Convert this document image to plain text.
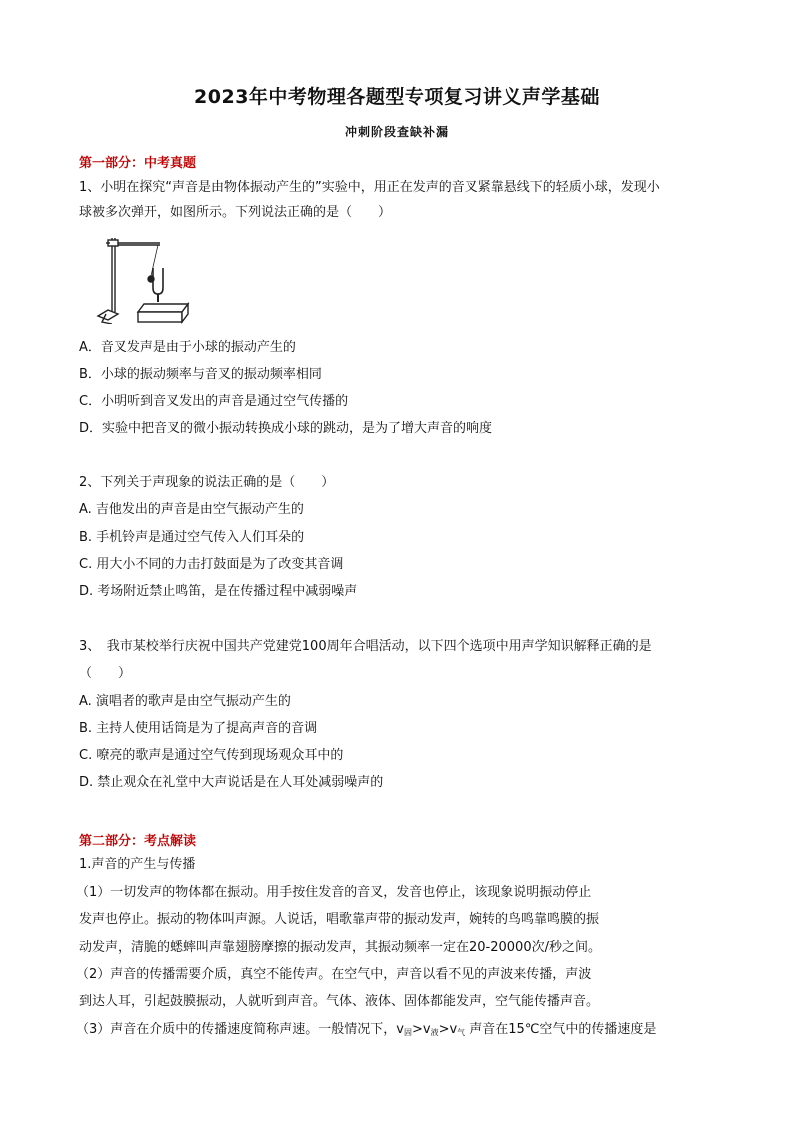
2023年中考物理各题型专项复习讲义声学基础
冲刺阶段查缺补漏
第一部分：中考真题
1、小明在探究“声音是由物体振动产生的”实验中，用正在发声的音叉紧靠悬线下的轻质小球，发现小
球被多次弹开，如图所示。下列说法正确的是（　　）
A．音叉发声是由于小球的振动产生的
B．小球的振动频率与音叉的振动频率相同
C．小明听到音叉发出的声音是通过空气传播的
D．实验中把音叉的微小振动转换成小球的跳动，是为了增大声音的响度
2、下列关于声现象的说法正确的是（　　）
A. 吉他发出的声音是由空气振动产生的
B. 手机铃声是通过空气传入人们耳朵的
C. 用大小不同的力击打鼓面是为了改变其音调
D. 考场附近禁止鸣笛，是在传播过程中减弱噪声
3、　我市某校举行庆祝中国共产党建党100周年合唱活动，以下四个选项中用声学知识解释正确的是
（　　）
A. 演唱者的歌声是由空气振动产生的
B. 主持人使用话筒是为了提高声音的音调
C. 嘹亮的歌声是通过空气传到现场观众耳中的
D. 禁止观众在礼堂中大声说话是在人耳处减弱噪声的
第二部分：考点解读
1.声音的产生与传播
（1）一切发声的物体都在振动。用手按住发音的音叉，发音也停止，该现象说明振动停止
发声也停止。振动的物体叫声源。人说话，唱歌靠声带的振动发声，婉转的鸟鸣靠鸣膜的振
动发声，清脆的蟋蟀叫声靠翅膀摩擦的振动发声，其振动频率一定在20-20000次/秒之间。
（2）声音的传播需要介质，真空不能传声。在空气中，声音以看不见的声波来传播，声波
到达人耳，引起鼓膜振动，人就听到声音。气体、液体、固体都能发声，空气能传播声音。
（3）声音在介质中的传播速度简称声速。一般情况下，$v_固>v_液>v_气$ 声音在15℃空气中的传播速度是
